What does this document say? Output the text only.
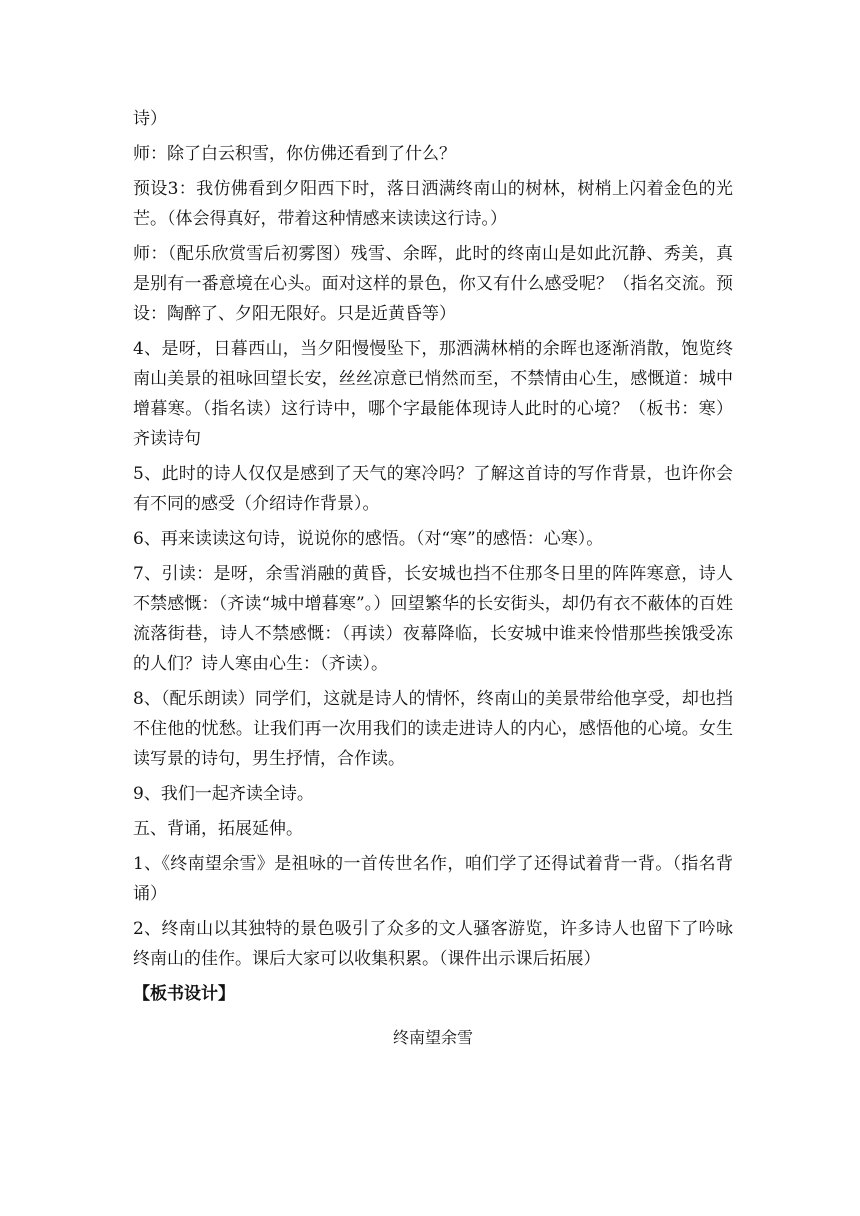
诗）

师：除了白云积雪，你仿佛还看到了什么？

预设3：我仿佛看到夕阳西下时，落日洒满终南山的树林，树梢上闪着金色的光芒。（体会得真好，带着这种情感来读读这行诗。）

师：（配乐欣赏雪后初雾图）残雪、余晖，此时的终南山是如此沉静、秀美，真是别有一番意境在心头。面对这样的景色，你又有什么感受呢？（指名交流。预设：陶醉了、夕阳无限好。只是近黄昏等）

4、是呀，日暮西山，当夕阳慢慢坠下，那洒满林梢的余晖也逐渐消散，饱览终南山美景的祖咏回望长安，丝丝凉意已悄然而至，不禁情由心生，感慨道：城中增暮寒。（指名读）这行诗中，哪个字最能体现诗人此时的心境？（板书：寒）齐读诗句

5、此时的诗人仅仅是感到了天气的寒冷吗？了解这首诗的写作背景，也许你会有不同的感受（介绍诗作背景）。

6、再来读读这句诗，说说你的感悟。（对“寒”的感悟：心寒）。

7、引读：是呀，余雪消融的黄昏，长安城也挡不住那冬日里的阵阵寒意，诗人不禁感慨：（齐读“城中增暮寒”。）回望繁华的长安街头，却仍有衣不蔽体的百姓流落街巷，诗人不禁感慨：（再读）夜幕降临，长安城中谁来怜惜那些挨饿受冻的人们？诗人寒由心生：（齐读）。

8、（配乐朗读）同学们，这就是诗人的情怀，终南山的美景带给他享受，却也挡不住他的忧愁。让我们再一次用我们的读走进诗人的内心，感悟他的心境。女生读写景的诗句，男生抒情，合作读。

9、我们一起齐读全诗。

五、背诵，拓展延伸。

1、《终南望余雪》是祖咏的一首传世名作，咱们学了还得试着背一背。（指名背诵）

2、终南山以其独特的景色吸引了众多的文人骚客游览，许多诗人也留下了吟咏终南山的佳作。课后大家可以收集积累。（课件出示课后拓展）

【板书设计】

终南望余雪
